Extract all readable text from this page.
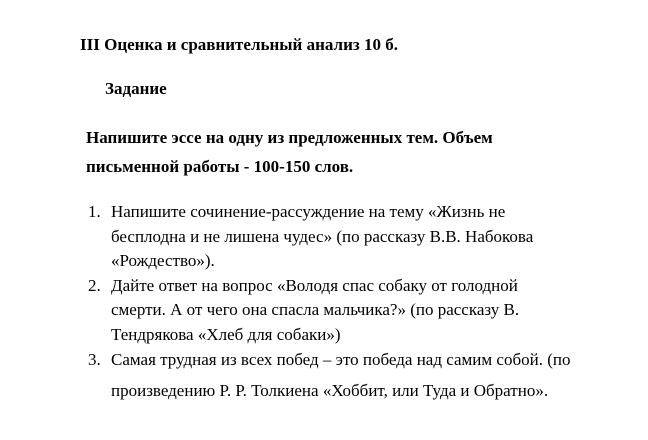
III Оценка и сравнительный анализ 10 б.
Задание
Напишите эссе на одну из предложенных тем. Объем
письменной работы - 100-150 слов.
1. Напишите сочинение-рассуждение на тему «Жизнь не
бесплодна и не лишена чудес» (по рассказу В.В. Набокова
«Рождество»).
2. Дайте ответ на вопрос «Володя спас собаку от голодной
смерти. А от чего она спасла мальчика?» (по рассказу В.
Тендрякова «Хлеб для собаки»)
3. Самая трудная из всех побед – это победа над самим собой. (по
произведению Р. Р. Толкиена «Хоббит, или Туда и Обратно».
